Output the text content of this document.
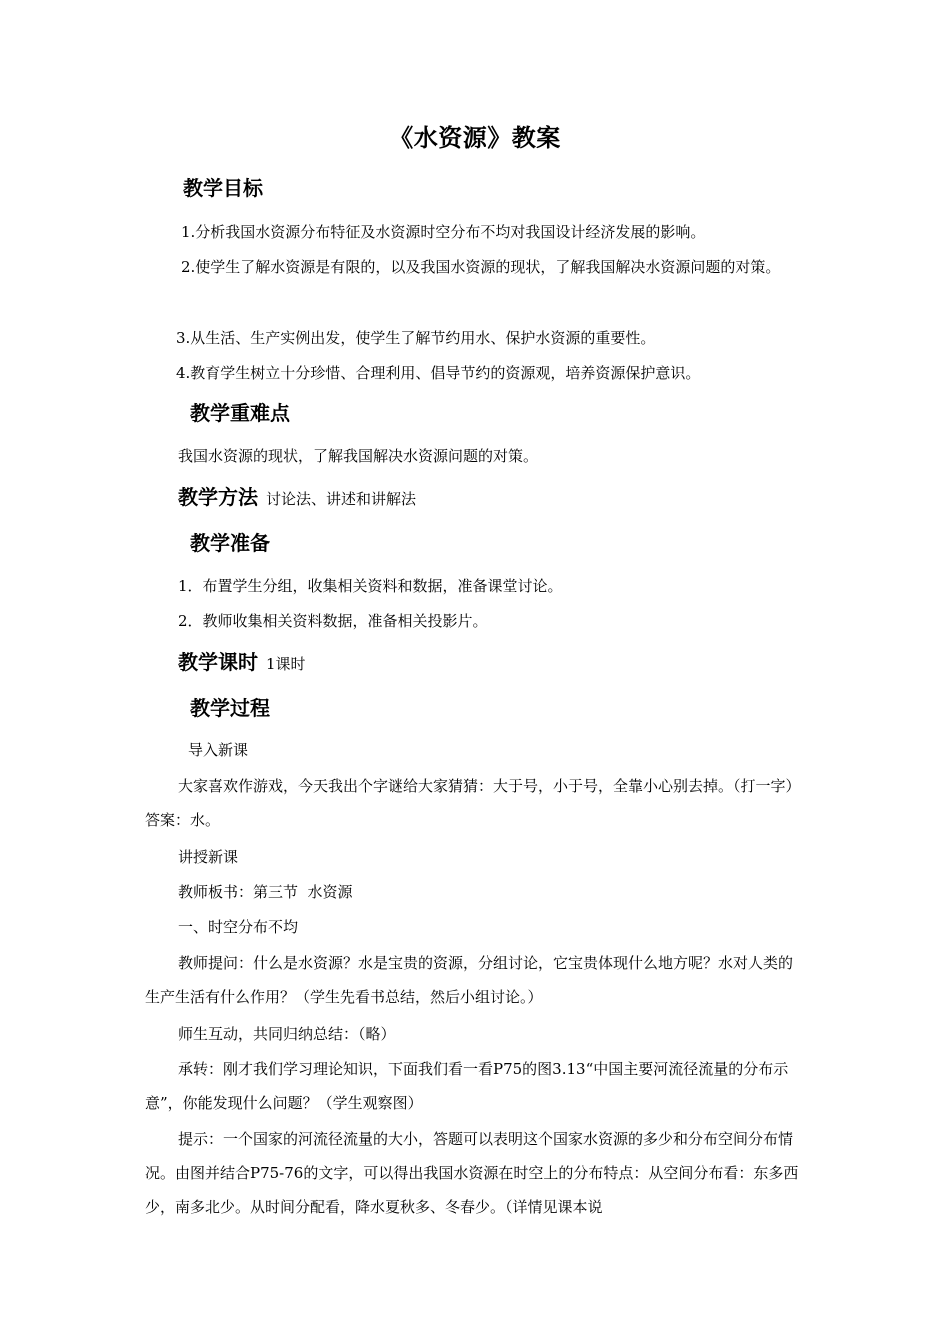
《水资源》教案
教学目标
1.分析我国水资源分布特征及水资源时空分布不均对我国设计经济发展的影响。
2.使学生了解水资源是有限的，以及我国水资源的现状，了解我国解决水资源问题的对策。
3.从生活、生产实例出发，使学生了解节约用水、保护水资源的重要性。
4.教育学生树立十分珍惜、合理利用、倡导节约的资源观，培养资源保护意识。
教学重难点
我国水资源的现状，了解我国解决水资源问题的对策。
教学方法 讨论法、讲述和讲解法
教学准备
1．布置学生分组，收集相关资料和数据，准备课堂讨论。
2．教师收集相关资料数据，准备相关投影片。
教学课时 1课时
教学过程
导入新课
大家喜欢作游戏，今天我出个字谜给大家猜猜：大于号，小于号，全靠小心别去掉。（打一字）答案：水。
讲授新课
教师板书：第三节  水资源
一、时空分布不均
教师提问：什么是水资源？水是宝贵的资源，分组讨论，它宝贵体现什么地方呢？水对人类的生产生活有什么作用？（学生先看书总结，然后小组讨论。）
师生互动，共同归纳总结：（略）
承转：刚才我们学习理论知识，下面我们看一看P75的图3.13“中国主要河流径流量的分布示意”，你能发现什么问题？（学生观察图）
提示：一个国家的河流径流量的大小，答题可以表明这个国家水资源的多少和分布空间分布情况。由图并结合P75-76的文字，可以得出我国水资源在时空上的分布特点：从空间分布看：东多西少，南多北少。从时间分配看，降水夏秋多、冬春少。（详情见课本说
